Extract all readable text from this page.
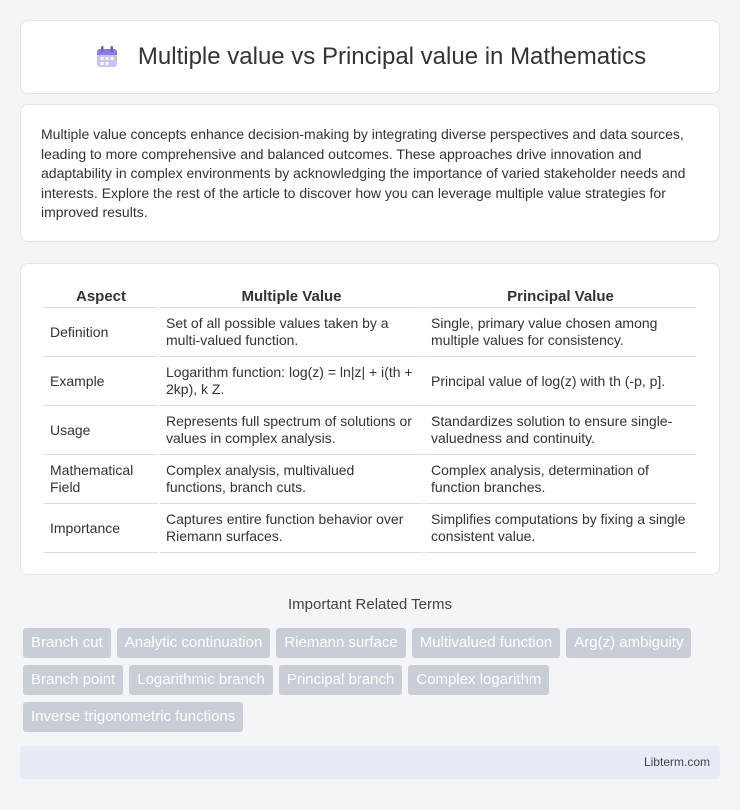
Multiple value vs Principal value in Mathematics

Multiple value concepts enhance decision-making by integrating diverse perspectives and data sources, leading to more comprehensive and balanced outcomes. These approaches drive innovation and adaptability in complex environments by acknowledging the importance of varied stakeholder needs and interests. Explore the rest of the article to discover how you can leverage multiple value strategies for improved results.

Aspect	Multiple Value	Principal Value
Definition	Set of all possible values taken by a multi-valued function.	Single, primary value chosen among multiple values for consistency.
Example	Logarithm function: log(z) = ln|z| + i(th + 2kp), k Z.	Principal value of log(z) with th (-p, p].
Usage	Represents full spectrum of solutions or values in complex analysis.	Standardizes solution to ensure single-valuedness and continuity.
Mathematical Field	Complex analysis, multivalued functions, branch cuts.	Complex analysis, determination of function branches.
Importance	Captures entire function behavior over Riemann surfaces.	Simplifies computations by fixing a single consistent value.
Important Related Terms
Branch cut	Analytic continuation	Riemann surface	Multivalued function	Arg(z) ambiguity
Branch point	Logarithmic branch	Principal branch	Complex logarithm
Inverse trigonometric functions
Libterm.com
